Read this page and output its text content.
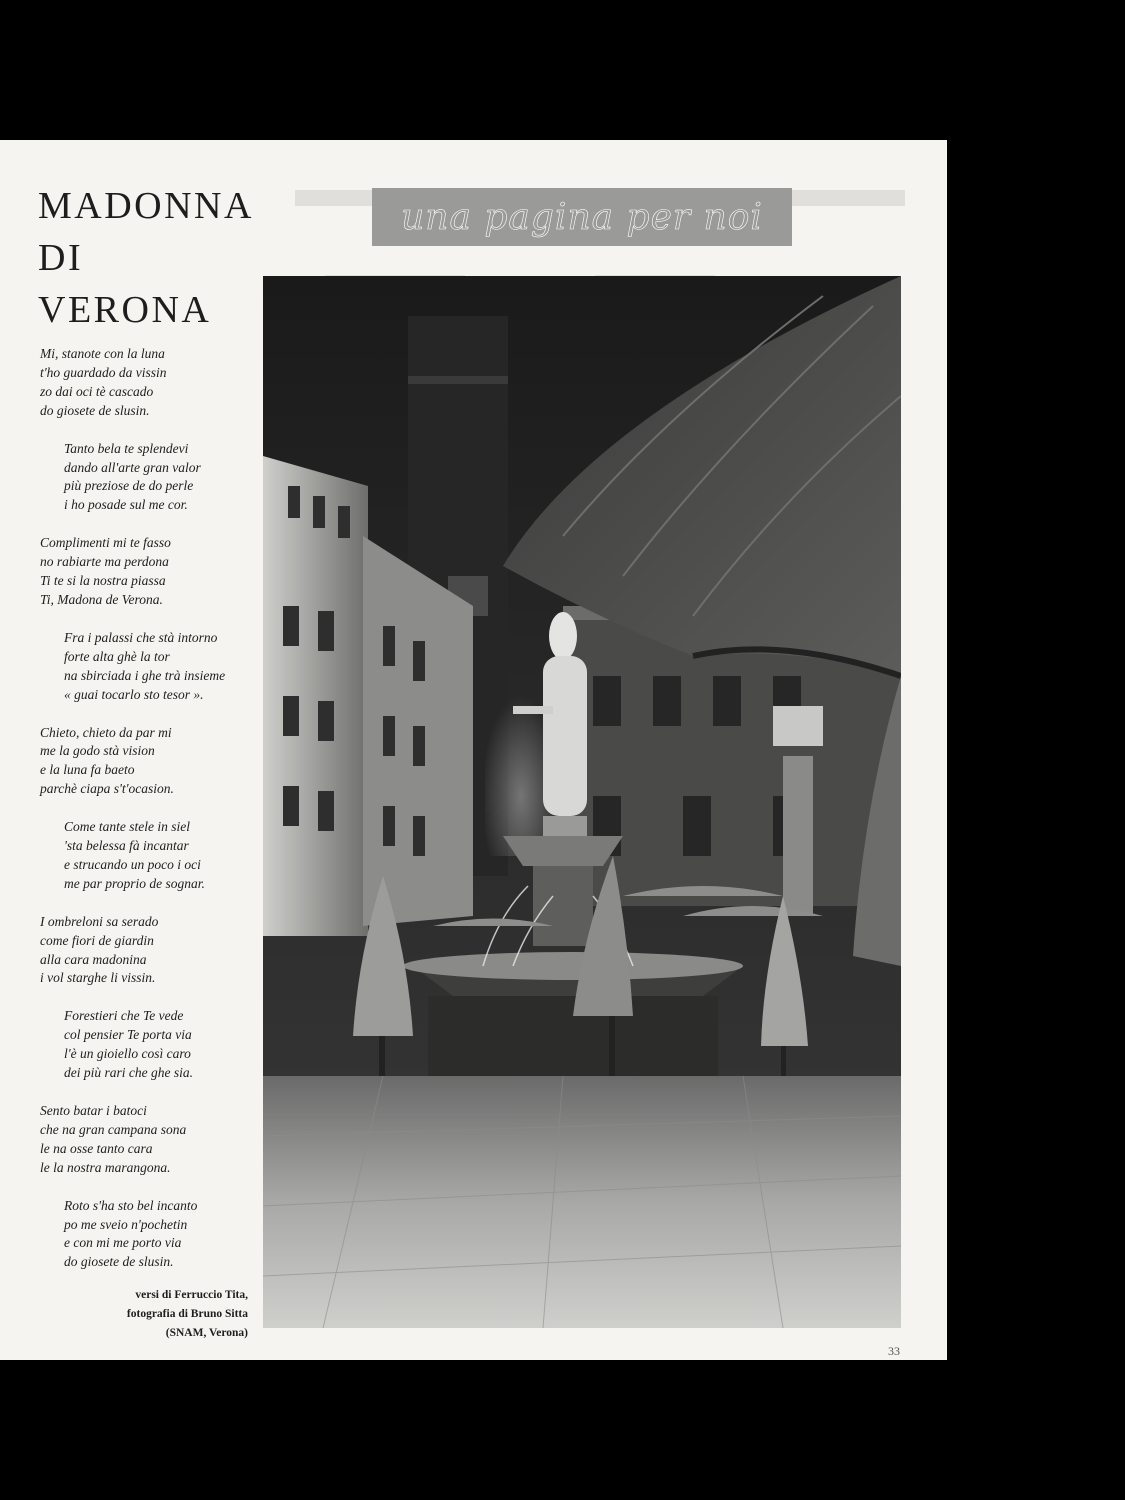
MADONNA
DI VERONA
una pagina per noi
Mi, stanote con la luna
t'ho guardado da vissin
zo dai oci tè cascado
do giosete de slusin.
Tanto bela te splendevi
dando all'arte gran valor
più preziose de do perle
i ho posade sul me cor.
Complimenti mi te fasso
no rabiarte ma perdona
Ti te si la nostra piassa
Ti, Madona de Verona.
Fra i palassi che stà intorno
forte alta ghè la tor
na sbirciada i ghe trà insieme
« guai tocarlo sto tesor ».
Chieto, chieto da par mi
me la godo stà vision
e la luna fa baeto
parchè ciapa s't'ocasion.
Come tante stele in siel
'sta belessa fà incantar
e strucando un poco i oci
me par proprio de sognar.
I ombreloni sa serado
come fiori de giardin
alla cara madonina
i vol starghe li vissin.
Forestieri che Te vede
col pensier Te porta via
l'è un gioiello così caro
dei più rari che ghe sia.
Sento batar i batoci
che na gran campana sona
le na osse tanto cara
le la nostra marangona.
Roto s'ha sto bel incanto
po me sveio n'pochetin
e con mi me porto via
do giosete de slusin.
versi di Ferruccio Tita,
fotografia di Bruno Sitta
(SNAM, Verona)
33
